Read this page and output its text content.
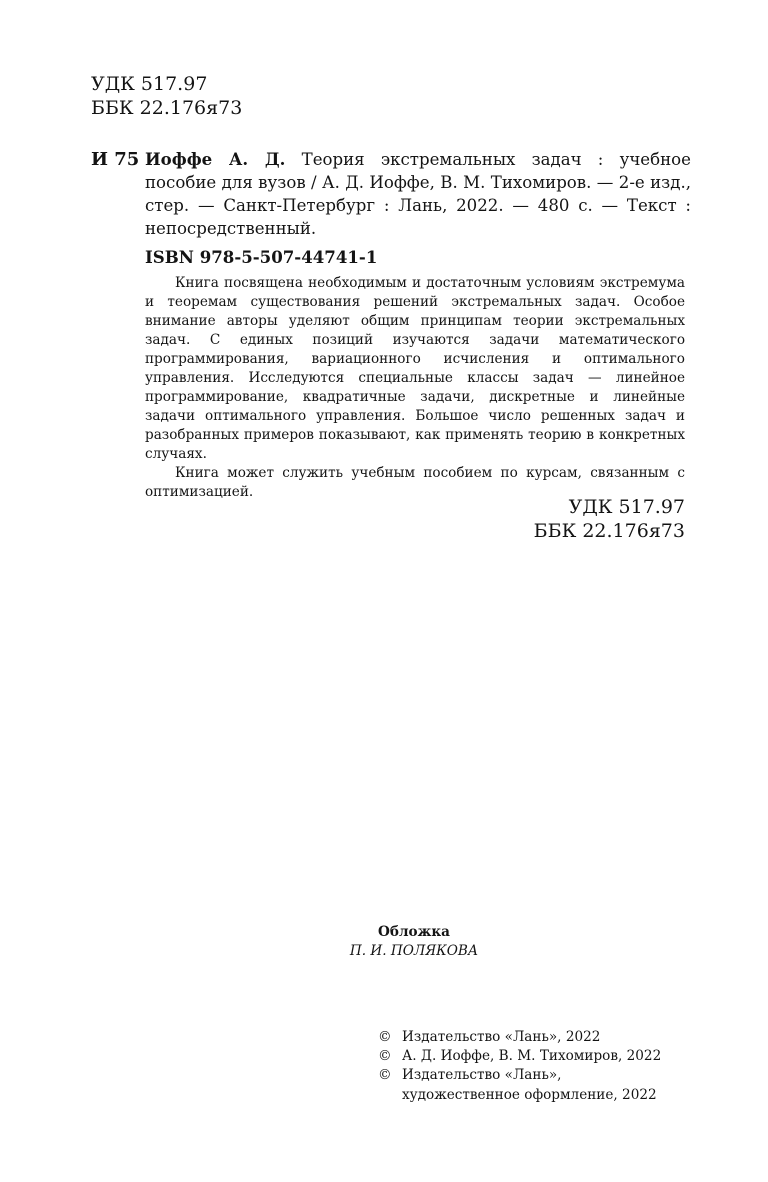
УДК 517.97
ББК 22.176я73
И 75 Иоффе А. Д. Теория экстремальных задач : учебное пособие для вузов / А. Д. Иоффе, В. М. Тихомиров. — 2-е изд., стер. — Санкт-Петербург : Лань, 2022. — 480 с. — Текст : непосредственный.
ISBN 978-5-507-44741-1

Книга посвящена необходимым и достаточным условиям экстремума и теоремам существования решений экстремальных задач. Особое внимание авторы уделяют общим принципам теории экстремальных задач. С единых позиций изучаются задачи математического программирования, вариационного исчисления и оптимального управления. Исследуются специальные классы задач — линейное программирование, квадратичные задачи, дискретные и линейные задачи оптимального управления. Большое число решенных задач и разобранных примеров показывают, как применять теорию в конкретных случаях.

Книга может служить учебным пособием по курсам, связанным с оптимизацией.

УДК 517.97
ББК 22.176я73
Обложка
П. И. ПОЛЯКОВА
© Издательство «Лань», 2022
© А. Д. Иоффе, В. М. Тихомиров, 2022
© Издательство «Лань»,
художественное оформление, 2022
